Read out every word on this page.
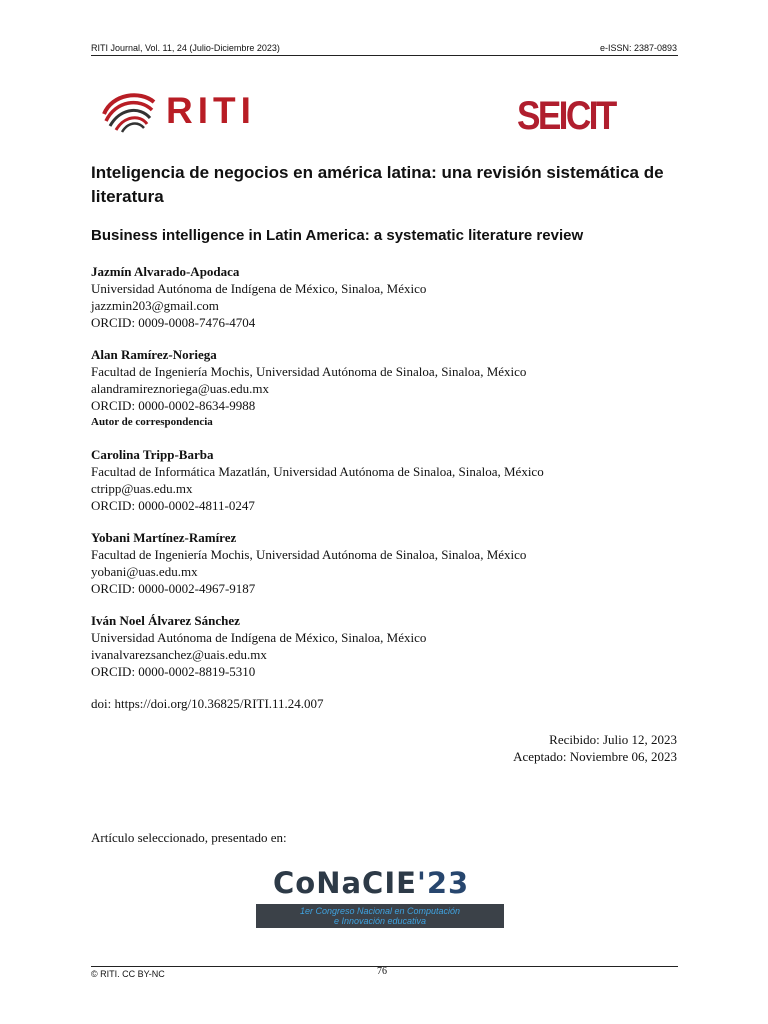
RITI Journal, Vol. 11, 24 (Julio-Diciembre 2023)	e-ISSN: 2387-0893
RITI	SEICIT
Inteligencia de negocios en américa latina: una revisión sistemática de literatura
Business intelligence in Latin America: a systematic literature review
Jazmín Alvarado-Apodaca
Universidad Autónoma de Indígena de México, Sinaloa, México
jazzmin203@gmail.com
ORCID: 0009-0008-7476-4704
Alan Ramírez-Noriega
Facultad de Ingeniería Mochis, Universidad Autónoma de Sinaloa, Sinaloa, México
alandramireznoriega@uas.edu.mx
ORCID: 0000-0002-8634-9988
Autor de correspondencia
Carolina Tripp-Barba
Facultad de Informática Mazatlán, Universidad Autónoma de Sinaloa, Sinaloa, México
ctripp@uas.edu.mx
ORCID: 0000-0002-4811-0247
Yobani Martínez-Ramírez
Facultad de Ingeniería Mochis, Universidad Autónoma de Sinaloa, Sinaloa, México
yobani@uas.edu.mx
ORCID: 0000-0002-4967-9187
Iván Noel Álvarez Sánchez
Universidad Autónoma de Indígena de México, Sinaloa, México
ivanalvarezsanchez@uais.edu.mx
ORCID: 0000-0002-8819-5310
doi: https://doi.org/10.36825/RITI.11.24.007
Recibido: Julio 12, 2023
Aceptado: Noviembre 06, 2023
Artículo seleccionado, presentado en:
CoNaCIE'23
1er Congreso Nacional en Computación
e Innovación educativa
© RITI. CC BY-NC	76
